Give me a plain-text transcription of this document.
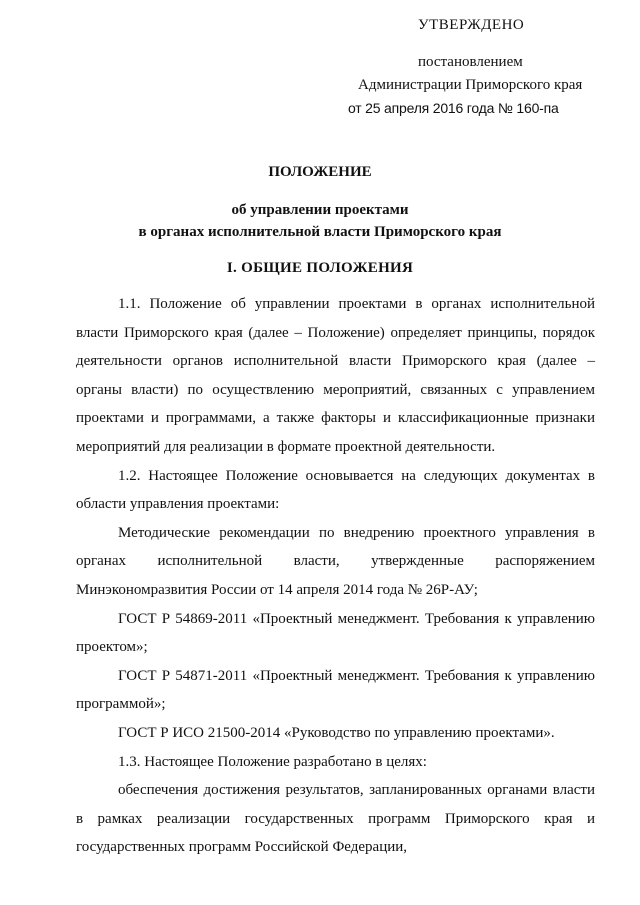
УТВЕРЖДЕНО
постановлением
Администрации Приморского края
от 25 апреля 2016 года № 160-па
ПОЛОЖЕНИЕ
об управлении проектами
в органах исполнительной власти Приморского края
I. ОБЩИЕ ПОЛОЖЕНИЯ

1.1. Положение об управлении проектами в органах исполнительной власти Приморского края (далее – Положение) определяет принципы, порядок деятельности органов исполнительной власти Приморского края (далее – органы власти) по осуществлению мероприятий, связанных с управлением проектами и программами, а также факторы и классификационные признаки мероприятий для реализации в формате проектной деятельности.

1.2. Настоящее Положение основывается на следующих документах в области управления проектами:

Методические рекомендации по внедрению проектного управления в органах исполнительной власти, утвержденные распоряжением Минэкономразвития России от 14 апреля 2014 года № 26Р-АУ;

ГОСТ Р 54869-2011 «Проектный менеджмент. Требования к управлению проектом»;

ГОСТ Р 54871-2011 «Проектный менеджмент. Требования к управлению программой»;

ГОСТ Р ИСО 21500-2014 «Руководство по управлению проектами».

1.3. Настоящее Положение разработано в целях:

обеспечения достижения результатов, запланированных органами власти в рамках реализации государственных программ Приморского края и государственных программ Российской Федерации,
